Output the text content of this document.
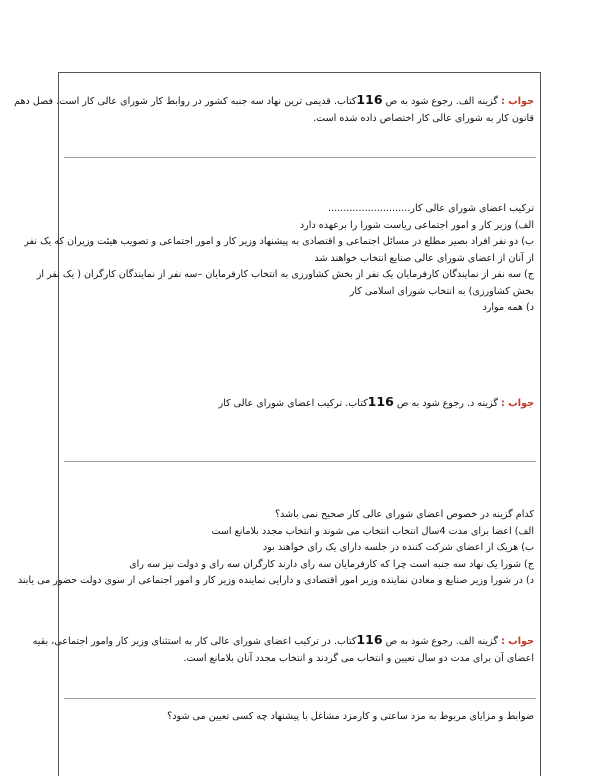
جواب : گزینه الف. رجوع شود به ص 116کتاب. قدیمی ترین نهاد سه جنبه کشور در روابط کار شورای عالی کار است. فصل دهم

قانون کار به شورای عالی کار اختصاص داده شده است.

ترکیب اعضای شورای عالی کار...........................

الف) وزیر کار و امور اجتماعی ریاست شورا را برعهده دارد

ب) دو نفر افراد بصیر مطلع در مسائل اجتماعی و اقتصادی به پیشنهاد وزیر کار و امور اجتماعی و تصویب هیئت وزیران که یک نفر

از آنان از اعضای شورای عالی صنایع انتخاب خواهند شد

ج) سه نفر از نمایندگان کارفرمایان یک نفر از بخش کشاورزی به انتخاب کارفرمایان –سه نفر از نمایندگان کارگران ( یک نفر از

بخش کشاورزی) به انتخاب شورای اسلامی کار

د) همه موارد

جواب : گزینه د. رجوع شود به ص 116کتاب. ترکیب اعضای شورای عالی کار

کدام گزینه در خصوص اعضای شورای عالی کار صحیح نمی باشد؟

الف) اعضا برای مدت 4سال انتخاب انتخاب می شوند و انتخاب مجدد بلامانع است

ب) هریک از اعضای شرکت کننده در جلسه دارای یک رای خواهند بود

ج) شورا یک نهاد سه جنبه است چرا که کارفرمایان سه رای دارند کارگران سه رای و دولت نیز سه رای

د) در شورا وزیر صنایع و معادن نماینده وزیر امور اقتصادی و دارایی نماینده وزیر کار و امور اجتماعی از سوی دولت حضور می یابند

جواب : گزینه الف. رجوع شود به ص 116کتاب. در ترکیب اعضای شورای عالی کار به استثنای وزیر کار وامور اجتماعی، بقیه

اعضای آن برای مدت دو سال تعیین و انتخاب می گردند و انتخاب مجدد آنان بلامانع است.

ضوابط و مزایای مربوط به مزد ساعتی و کارمزد مشاغل با پیشنهاد چه کسی تعیین می شود؟
